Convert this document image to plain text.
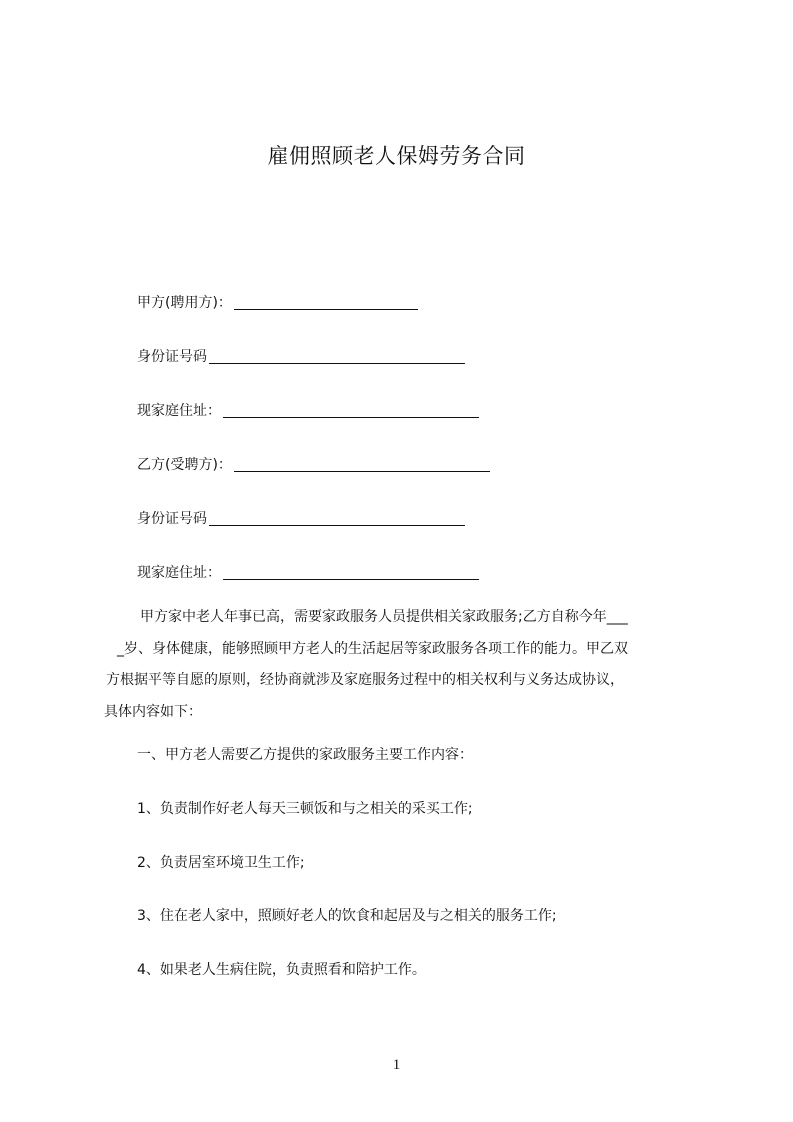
雇佣照顾老人保姆劳务合同
甲方(聘用方)：
身份证号码
现家庭住址：
乙方(受聘方)：
身份证号码
现家庭住址：
甲方家中老人年事已高，需要家政服务人员提供相关家政服务;乙方自称今年___
_岁、身体健康，能够照顾甲方老人的生活起居等家政服务各项工作的能力。甲乙双
方根据平等自愿的原则，经协商就涉及家庭服务过程中的相关权利与义务达成协议，
具体内容如下：
一、甲方老人需要乙方提供的家政服务主要工作内容：
1、负责制作好老人每天三顿饭和与之相关的采买工作;
2、负责居室环境卫生工作;
3、住在老人家中，照顾好老人的饮食和起居及与之相关的服务工作;
4、如果老人生病住院，负责照看和陪护工作。
1
